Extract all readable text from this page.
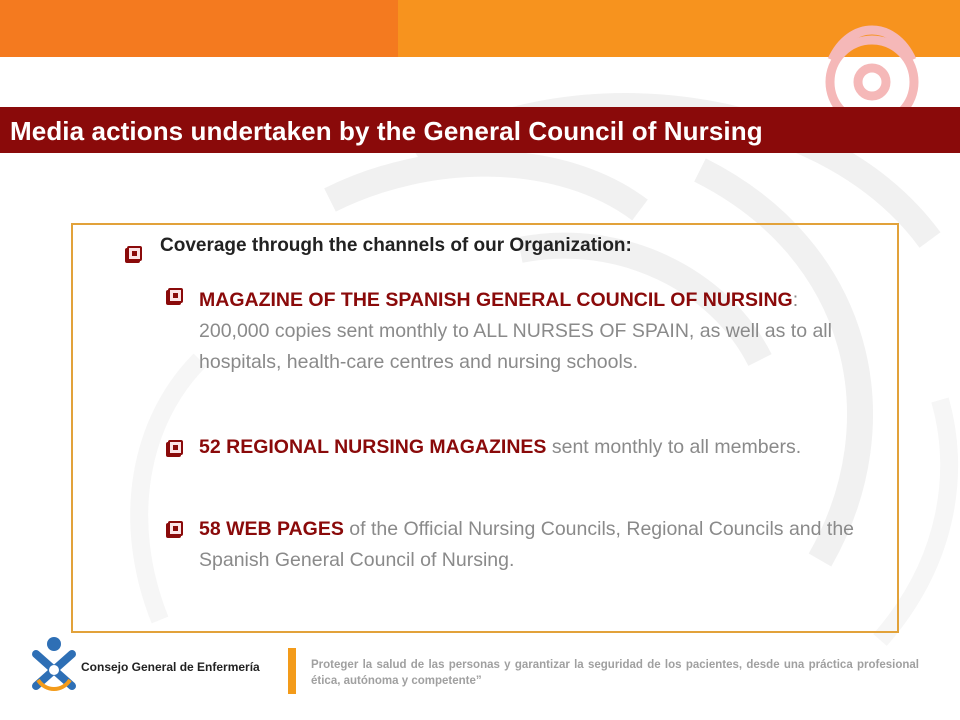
Media actions undertaken by the General Council of Nursing
Coverage through the channels of our Organization:
MAGAZINE OF THE SPANISH GENERAL COUNCIL OF NURSING: 200,000 copies sent monthly to ALL NURSES OF SPAIN, as well as to all hospitals, health-care centres and nursing schools.
52 REGIONAL NURSING MAGAZINES sent monthly to all members.
58 WEB PAGES of the Official Nursing Councils, Regional Councils and the Spanish General Council of Nursing.
Consejo General de Enfermería	Proteger la salud de las personas y garantizar la seguridad de los pacientes, desde una práctica profesional ética, autónoma y competente”
